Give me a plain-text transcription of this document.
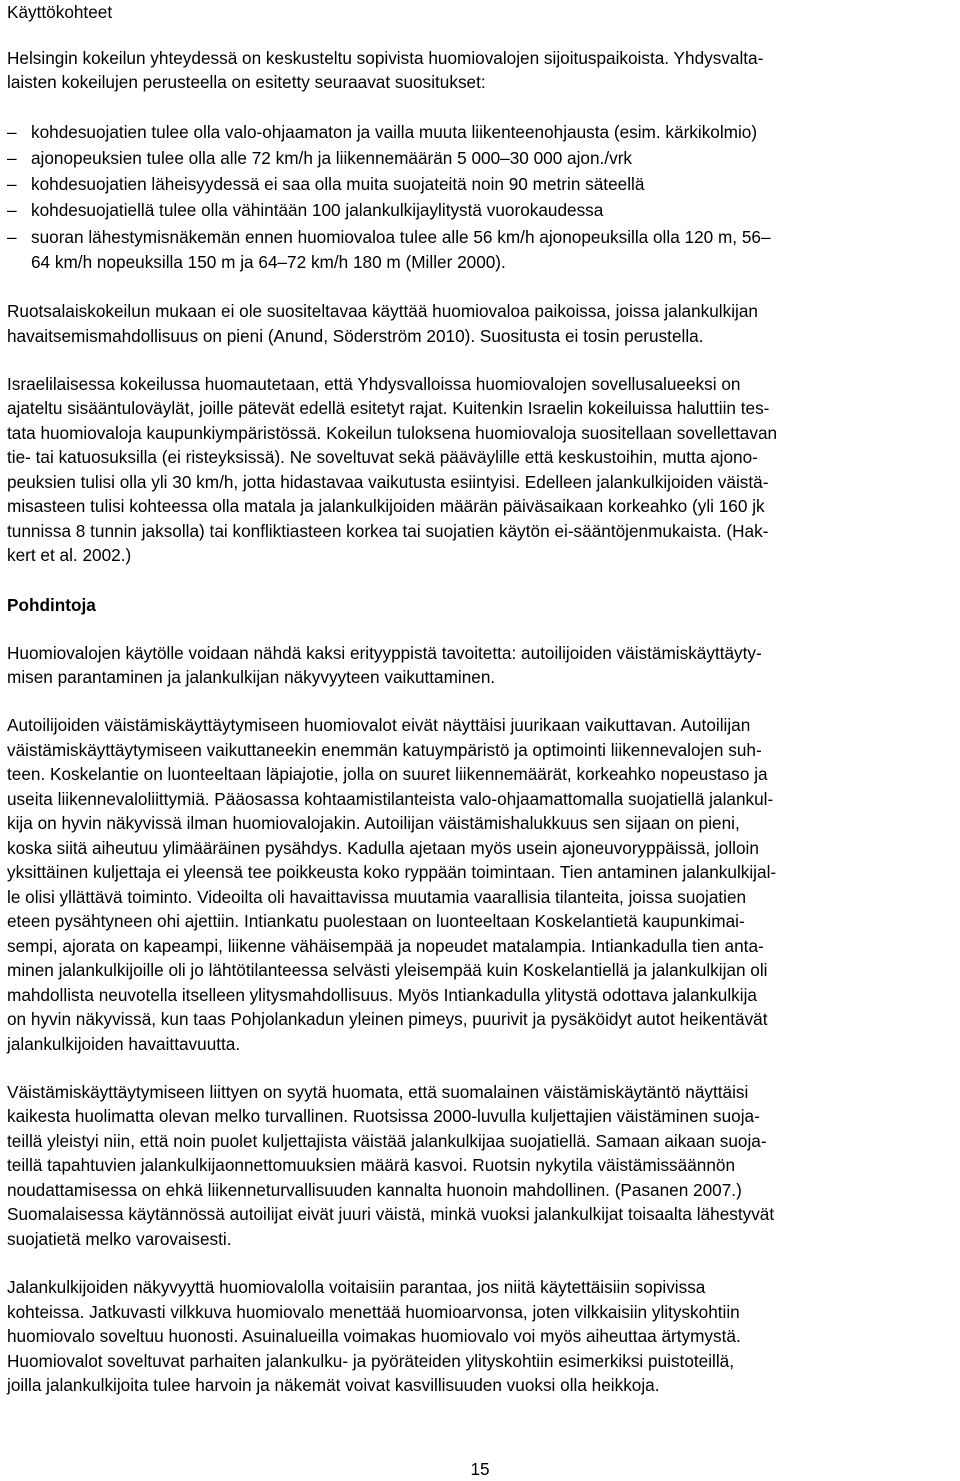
Käyttökohteet
Helsingin kokeilun yhteydessä on keskusteltu sopivista huomiovalojen sijoituspaikoista. Yhdysvalta-
laisten kokeilujen perusteella on esitetty seuraavat suositukset:
– kohdesuojatien tulee olla valo-ohjaamaton ja vailla muuta liikenteenohjausta (esim. kärkikolmio)
– ajonopeuksien tulee olla alle 72 km/h ja liikennemäärän 5 000–30 000 ajon./vrk
– kohdesuojatien läheisyydessä ei saa olla muita suojateitä noin 90 metrin säteellä
– kohdesuojatiellä tulee olla vähintään 100 jalankulkijaylitystä vuorokaudessa
– suoran lähestymisnäkemän ennen huomiovaloa tulee alle 56 km/h ajonopeuksilla olla 120 m, 56–
64 km/h nopeuksilla 150 m ja 64–72 km/h 180 m (Miller 2000).
Ruotsalaiskokeilun mukaan ei ole suositeltavaa käyttää huomiovaloa paikoissa, joissa jalankulkijan
havaitsemismahdollisuus on pieni (Anund, Söderström 2010). Suositusta ei tosin perustella.
Israelilaisessa kokeilussa huomautetaan, että Yhdysvalloissa huomiovalojen sovellusalueeksi on
ajateltu sisääntuloväylät, joille pätevät edellä esitetyt rajat. Kuitenkin Israelin kokeiluissa haluttiin tes-
tata huomiovaloja kaupunkiympäristössä. Kokeilun tuloksena huomiovaloja suositellaan sovellettavan
tie- tai katuosuksilla (ei risteyksissä). Ne soveltuvat sekä pääväylille että keskustoihin, mutta ajono-
peuksien tulisi olla yli 30 km/h, jotta hidastavaa vaikutusta esiintyisi. Edelleen jalankulkijoiden väistä-
misasteen tulisi kohteessa olla matala ja jalankulkijoiden määrän päiväsaikaan korkeahko (yli 160 jk
tunnissa 8 tunnin jaksolla) tai konfliktiasteen korkea tai suojatien käytön ei-sääntöjenmukaista. (Hak-
kert et al. 2002.)
Pohdintoja
Huomiovalojen käytölle voidaan nähdä kaksi erityyppistä tavoitetta: autoilijoiden väistämiskäyttäyty-
misen parantaminen ja jalankulkijan näkyvyyteen vaikuttaminen.
Autoilijoiden väistämiskäyttäytymiseen huomiovalot eivät näyttäisi juurikaan vaikuttavan. Autoilijan
väistämiskäyttäytymiseen vaikuttaneekin enemmän katuympäristö ja optimointi liikennevalojen suh-
teen. Koskelantie on luonteeltaan läpiajotie, jolla on suuret liikennemäärät, korkeahko nopeustaso ja
useita liikennevaloliittymiä. Pääosassa kohtaamistilanteista valo-ohjaamattomalla suojatiellä jalankul-
kija on hyvin näkyvissä ilman huomiovalojakin. Autoilijan väistämishalukkuus sen sijaan on pieni,
koska siitä aiheutuu ylimääräinen pysähdys. Kadulla ajetaan myös usein ajoneuvoryppäissä, jolloin
yksittäinen kuljettaja ei yleensä tee poikkeusta koko ryppään toimintaan. Tien antaminen jalankulkijal-
le olisi yllättävä toiminto. Videoilta oli havaittavissa muutamia vaarallisia tilanteita, joissa suojatien
eteen pysähtyneen ohi ajettiin. Intiankatu puolestaan on luonteeltaan Koskelantietä kaupunkimai-
sempi, ajorata on kapeampi, liikenne vähäisempää ja nopeudet matalampia. Intiankadulla tien anta-
minen jalankulkijoille oli jo lähtötilanteessa selvästi yleisempää kuin Koskelantiellä ja jalankulkijan oli
mahdollista neuvotella itselleen ylitysmahdollisuus. Myös Intiankadulla ylitystä odottava jalankulkija
on hyvin näkyvissä, kun taas Pohjolankadun yleinen pimeys, puurivit ja pysäköidyt autot heikentävät
jalankulkijoiden havaittavuutta.
Väistämiskäyttäytymiseen liittyen on syytä huomata, että suomalainen väistämiskäytäntö näyttäisi
kaikesta huolimatta olevan melko turvallinen. Ruotsissa 2000-luvulla kuljettajien väistäminen suoja-
teillä yleistyi niin, että noin puolet kuljettajista väistää jalankulkijaa suojatiellä. Samaan aikaan suoja-
teillä tapahtuvien jalankulkijaonnettomuuksien määrä kasvoi. Ruotsin nykytila väistämissäännön
noudattamisessa on ehkä liikenneturvallisuuden kannalta huonoin mahdollinen. (Pasanen 2007.)
Suomalaisessa käytännössä autoilijat eivät juuri väistä, minkä vuoksi jalankulkijat toisaalta lähestyvät
suojatietä melko varovaisesti.
Jalankulkijoiden näkyvyyttä huomiovalolla voitaisiin parantaa, jos niitä käytettäisiin sopivissa
kohteissa. Jatkuvasti vilkkuva huomiovalo menettää huomioarvonsa, joten vilkkaisiin ylityskohtiin
huomiovalo soveltuu huonosti. Asuinalueilla voimakas huomiovalo voi myös aiheuttaa ärtymystä.
Huomiovalot soveltuvat parhaiten jalankulku- ja pyöräteiden ylityskohtiin esimerkiksi puistoteillä,
joilla jalankulkijoita tulee harvoin ja näkemät voivat kasvillisuuden vuoksi olla heikkoja.
15
